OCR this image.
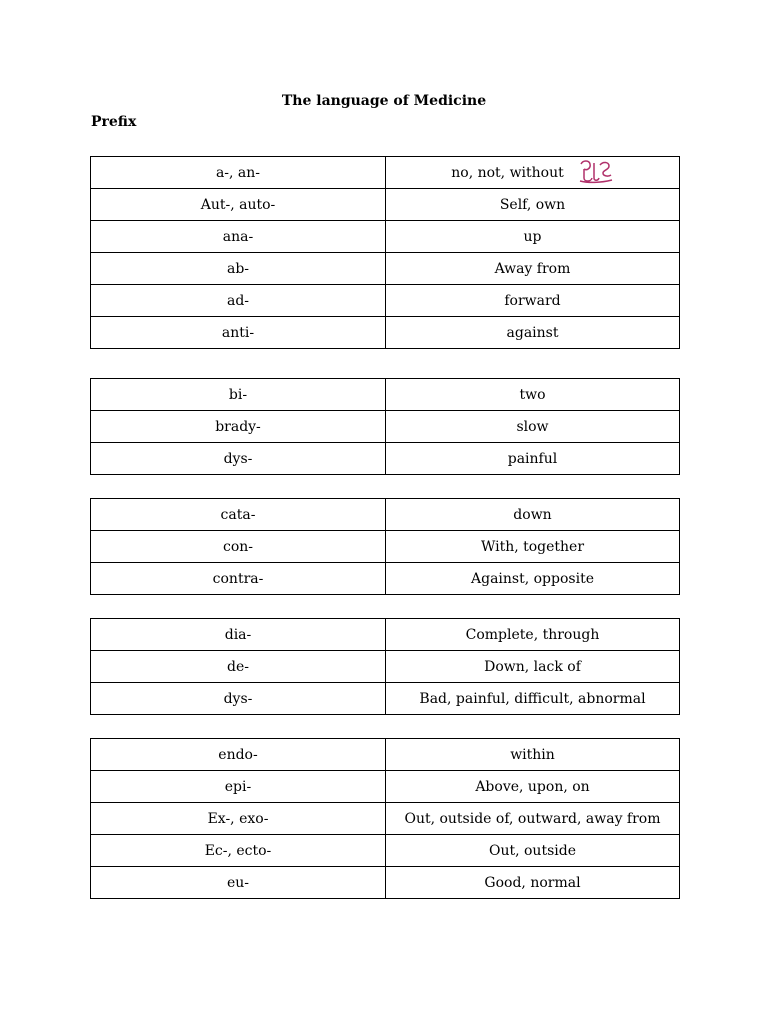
The language of Medicine
Prefix
a-, an-	no, not, without
Aut-, auto-	Self, own
ana-	up
ab-	Away from
ad-	forward
anti-	against
bi-	two
brady-	slow
dys-	painful
cata-	down
con-	With, together
contra-	Against, opposite
dia-	Complete, through
de-	Down, lack of
dys-	Bad, painful, difficult, abnormal
endo-	within
epi-	Above, upon, on
Ex-, exo-	Out, outside of, outward, away from
Ec-, ecto-	Out, outside
eu-	Good, normal
